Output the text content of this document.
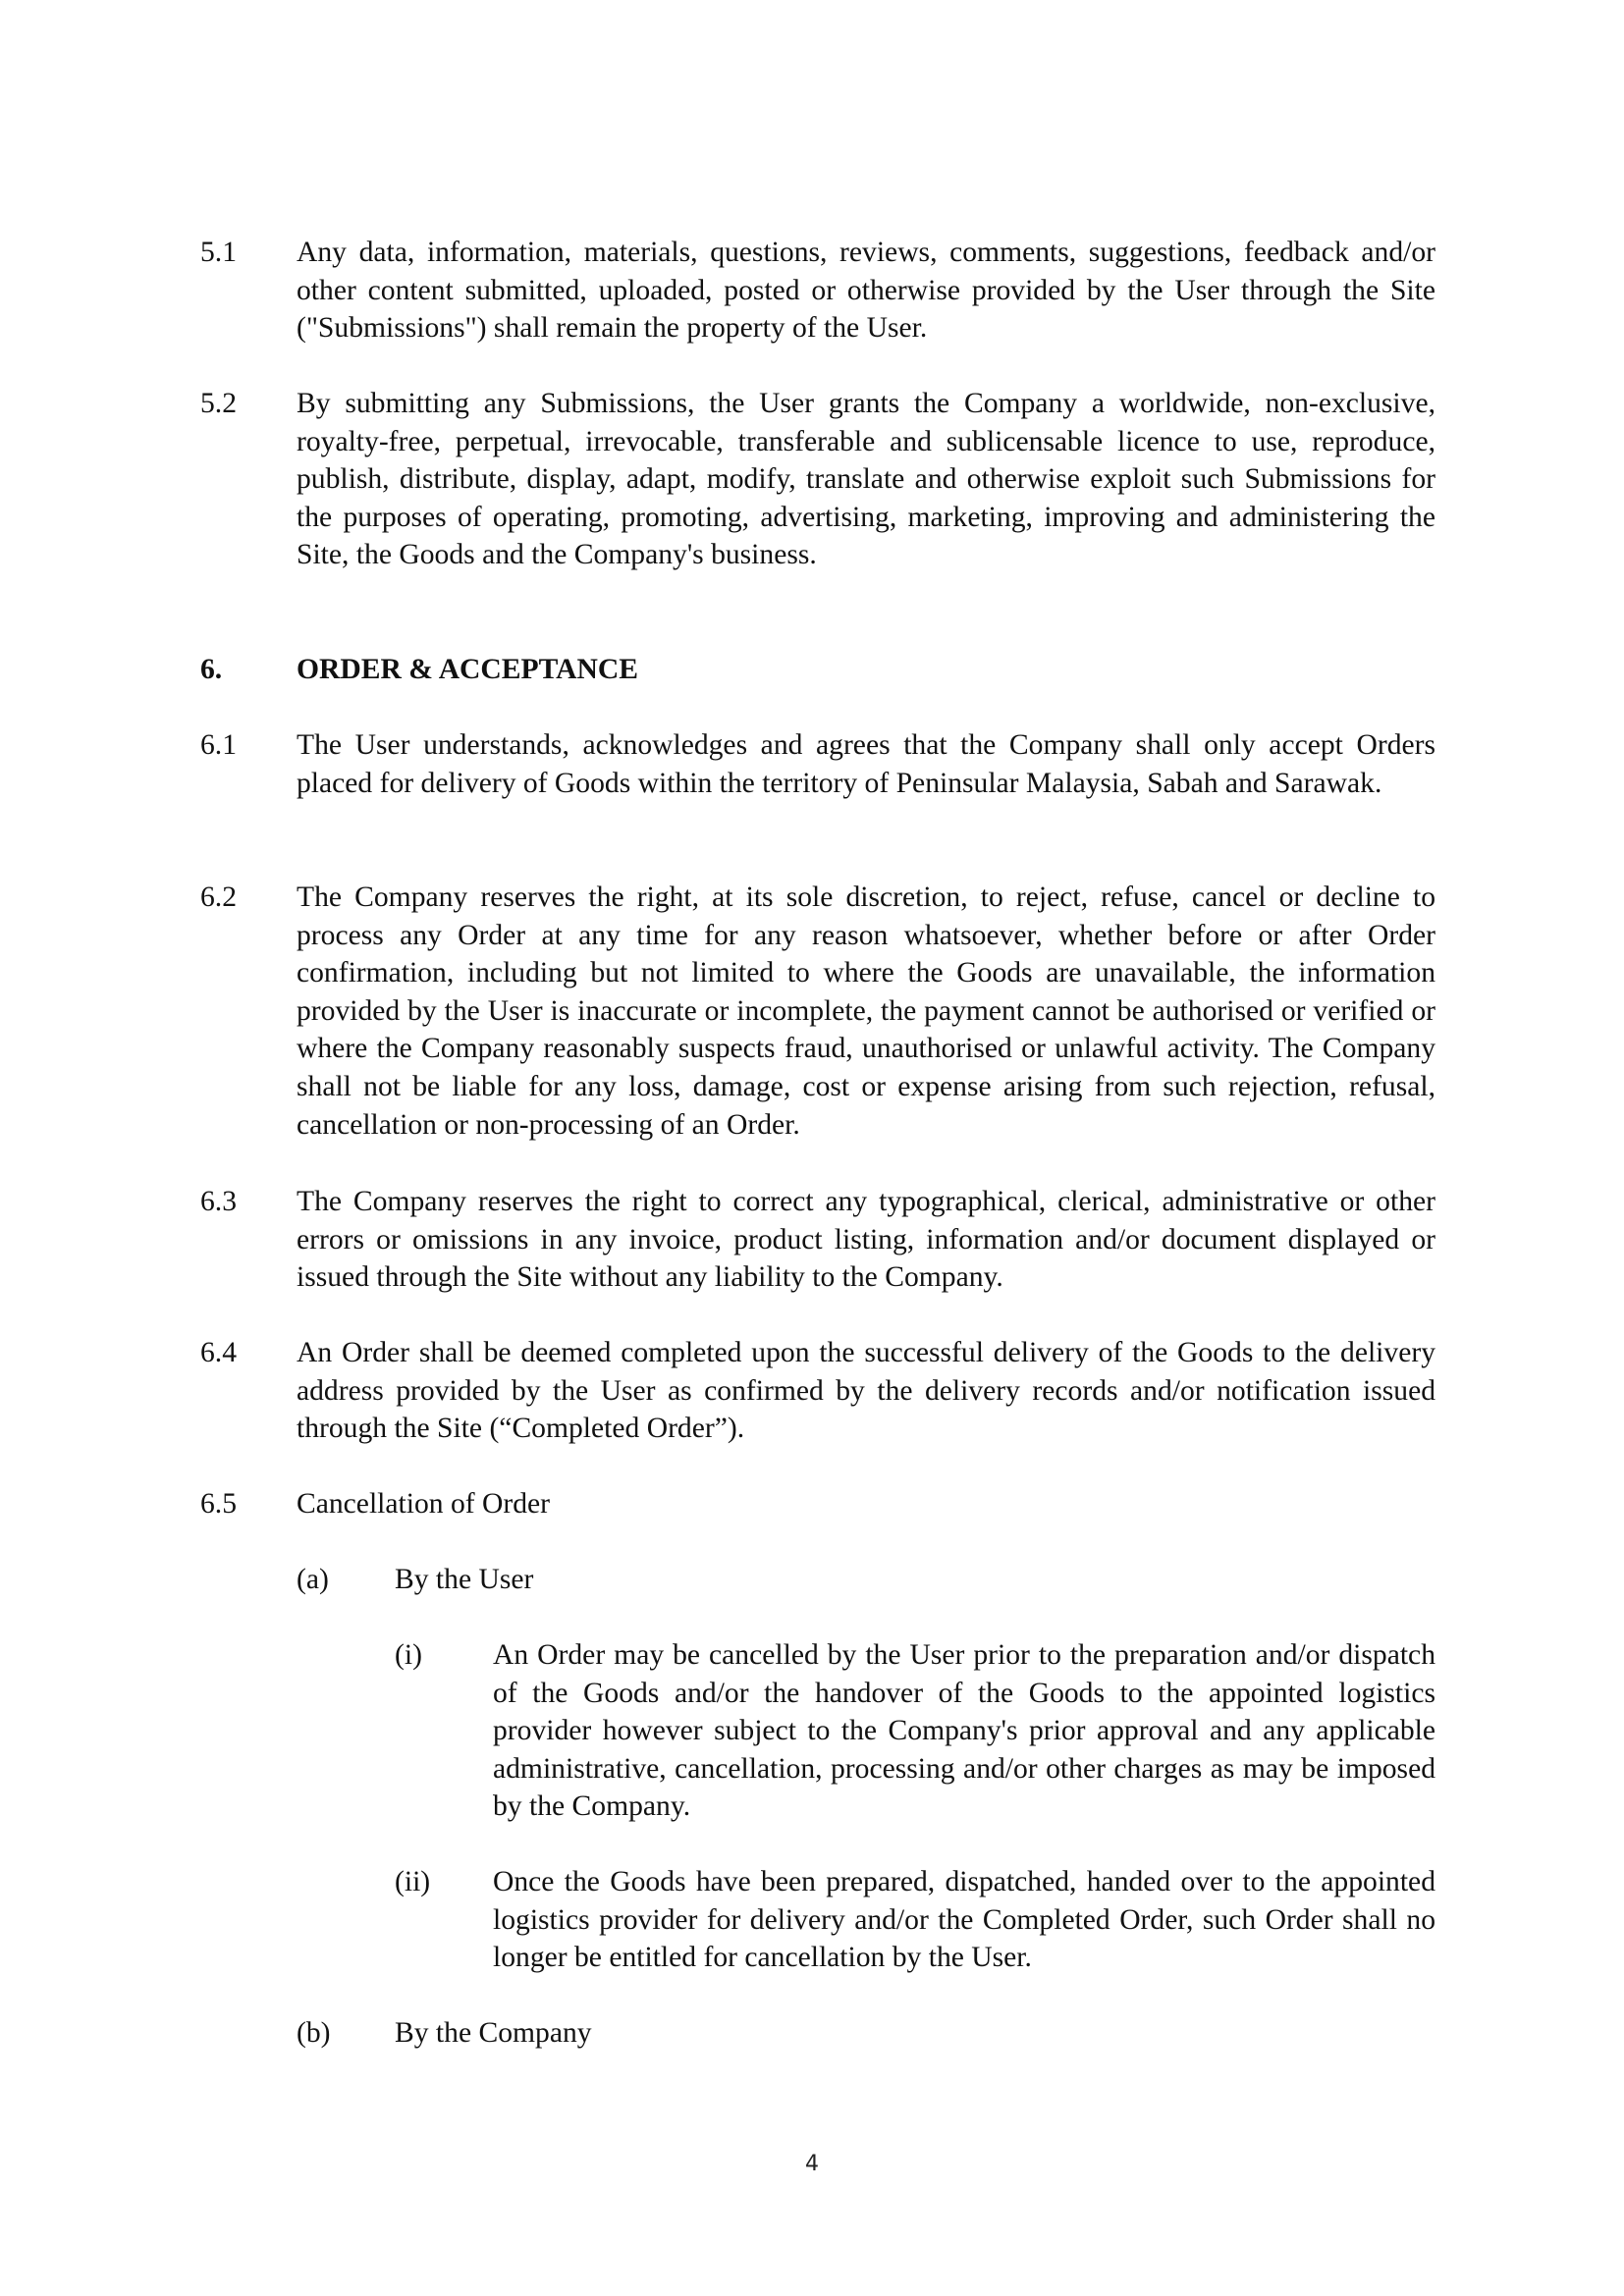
5.1 Any data, information, materials, questions, reviews, comments, suggestions, feedback and/or other content submitted, uploaded, posted or otherwise provided by the User through the Site ("Submissions") shall remain the property of the User.
5.2 By submitting any Submissions, the User grants the Company a worldwide, non-exclusive, royalty-free, perpetual, irrevocable, transferable and sublicensable licence to use, reproduce, publish, distribute, display, adapt, modify, translate and otherwise exploit such Submissions for the purposes of operating, promoting, advertising, marketing, improving and administering the Site, the Goods and the Company's business.
6.	ORDER & ACCEPTANCE
6.1 The User understands, acknowledges and agrees that the Company shall only accept Orders placed for delivery of Goods within the territory of Peninsular Malaysia, Sabah and Sarawak.
6.2 The Company reserves the right, at its sole discretion, to reject, refuse, cancel or decline to process any Order at any time for any reason whatsoever, whether before or after Order confirmation, including but not limited to where the Goods are unavailable, the information provided by the User is inaccurate or incomplete, the payment cannot be authorised or verified or where the Company reasonably suspects fraud, unauthorised or unlawful activity. The Company shall not be liable for any loss, damage, cost or expense arising from such rejection, refusal, cancellation or non-processing of an Order.
6.3 The Company reserves the right to correct any typographical, clerical, administrative or other errors or omissions in any invoice, product listing, information and/or document displayed or issued through the Site without any liability to the Company.
6.4 An Order shall be deemed completed upon the successful delivery of the Goods to the delivery address provided by the User as confirmed by the delivery records and/or notification issued through the Site (“Completed Order”).
6.5 Cancellation of Order
(a) By the User
(i) An Order may be cancelled by the User prior to the preparation and/or dispatch of the Goods and/or the handover of the Goods to the appointed logistics provider however subject to the Company's prior approval and any applicable administrative, cancellation, processing and/or other charges as may be imposed by the Company.
(ii) Once the Goods have been prepared, dispatched, handed over to the appointed logistics provider for delivery and/or the Completed Order, such Order shall no longer be entitled for cancellation by the User.
(b) By the Company
4
